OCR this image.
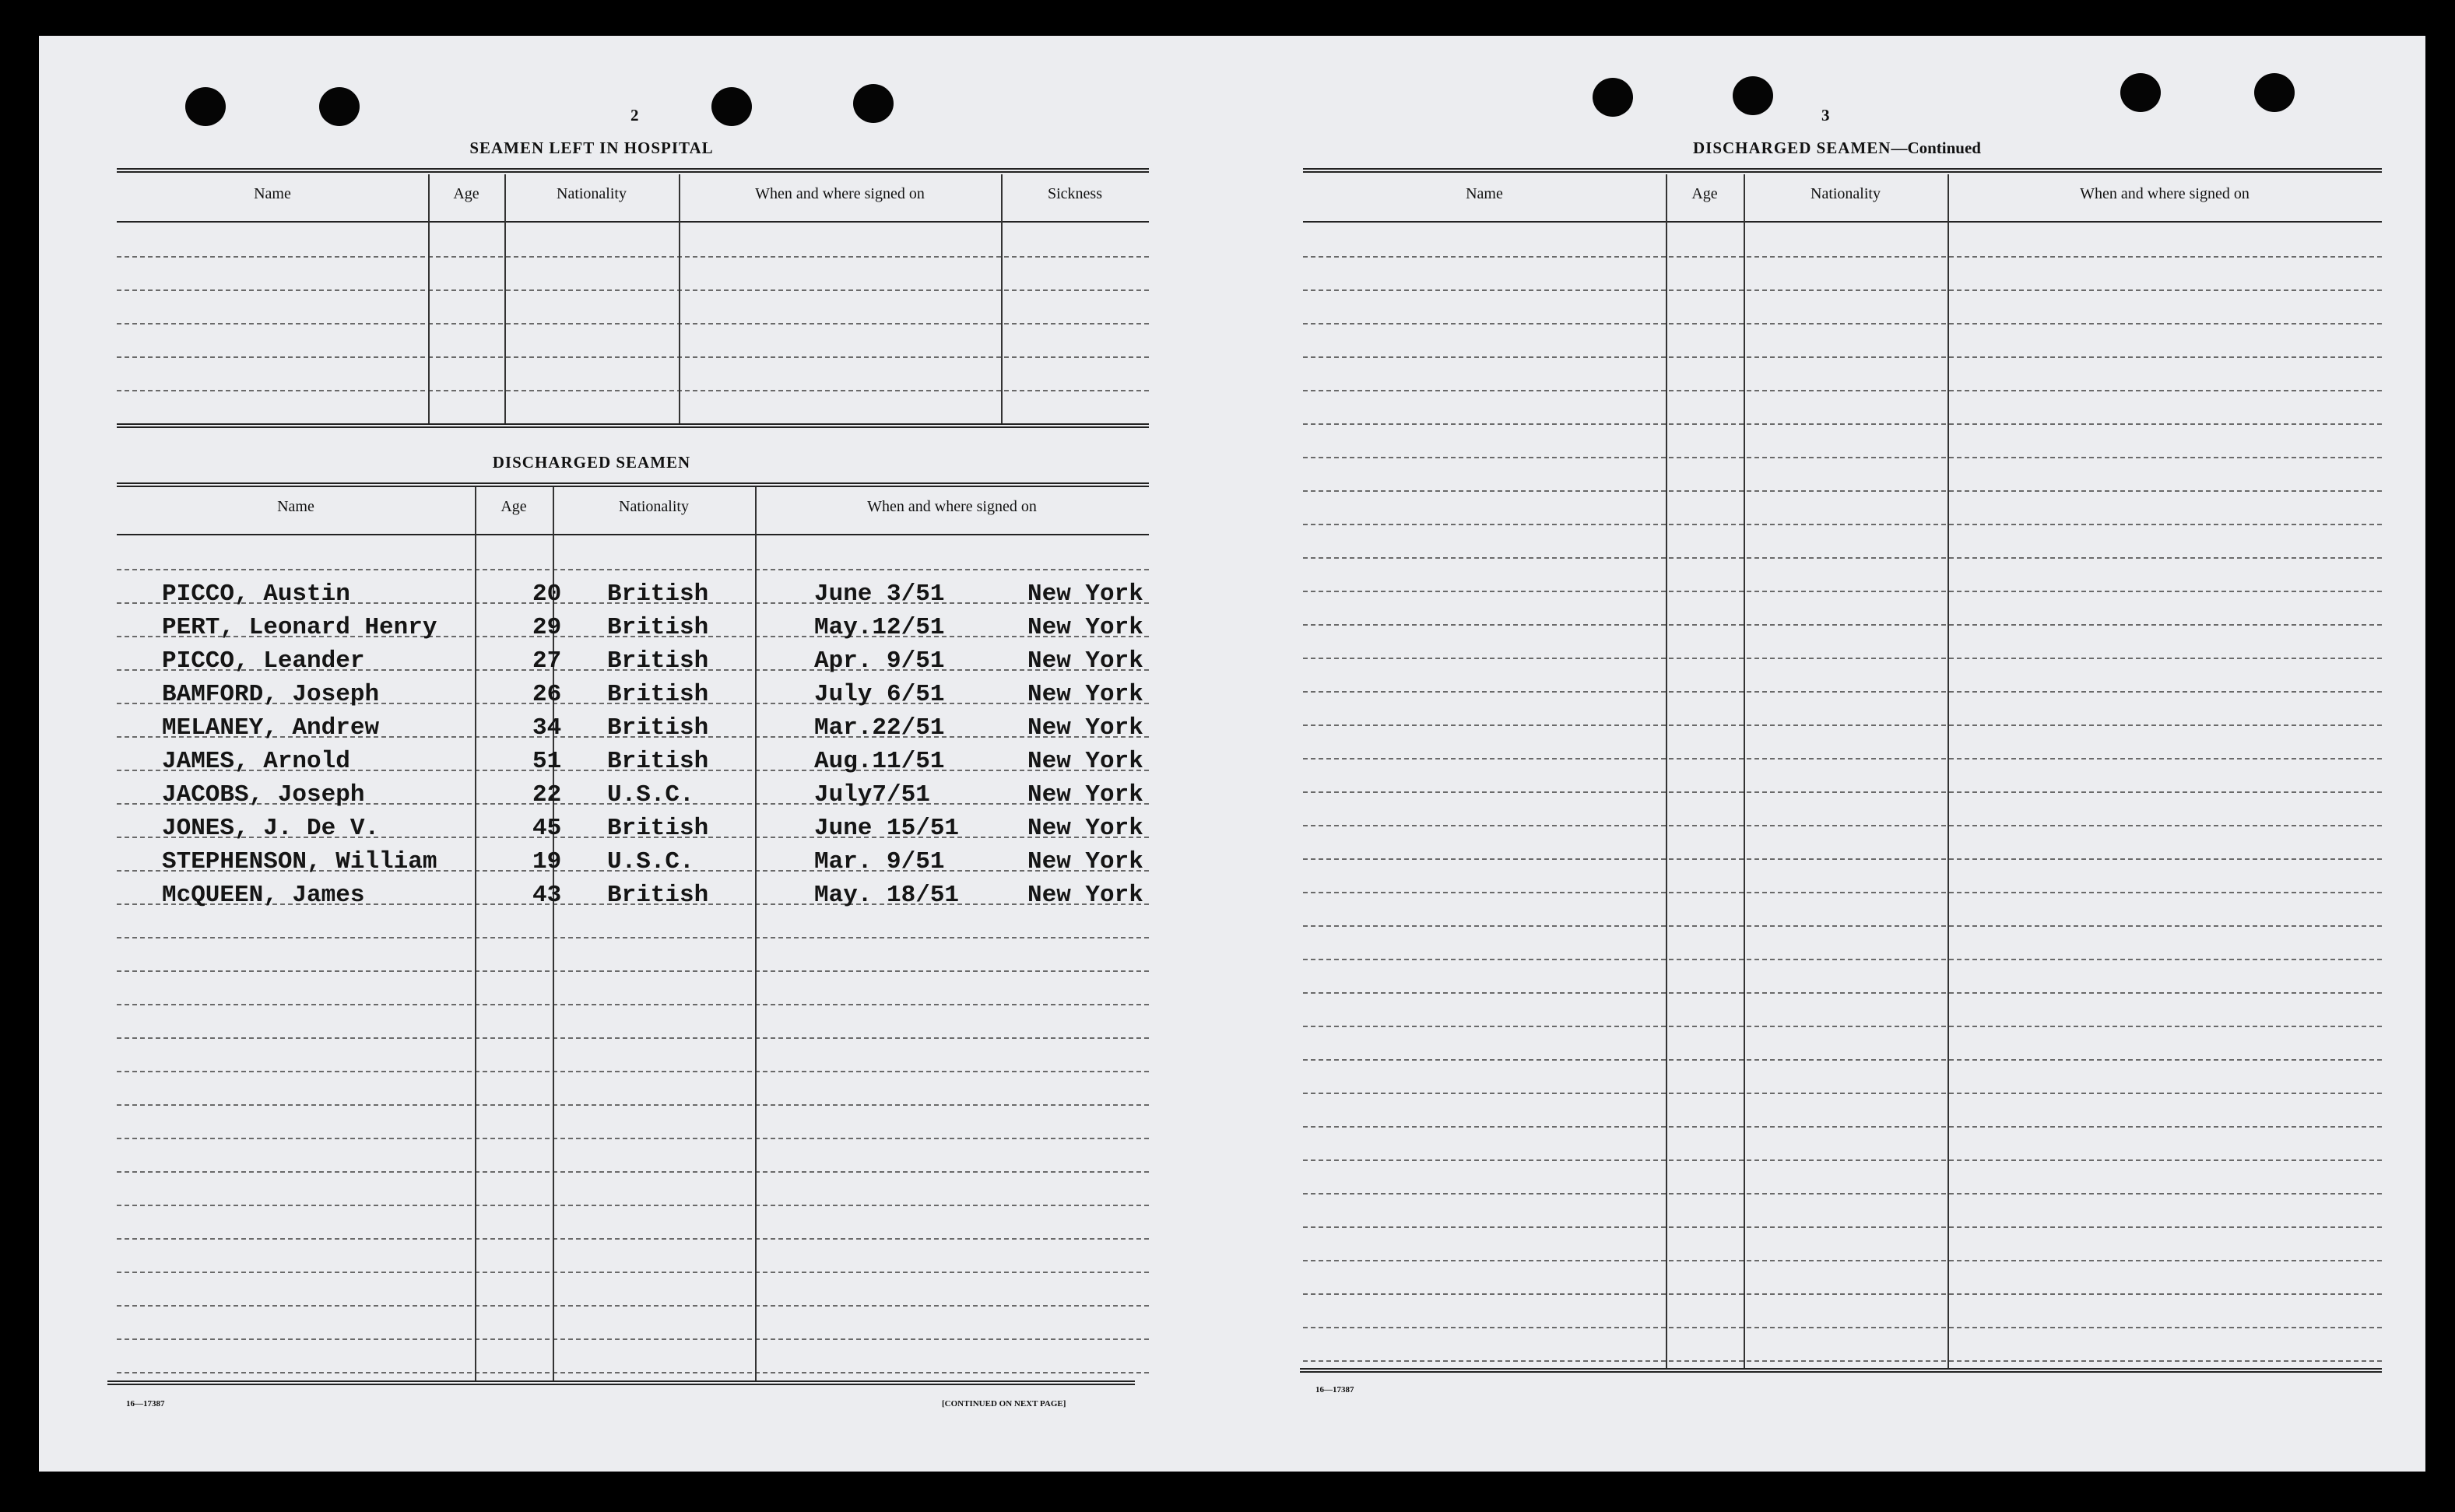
2
SEAMEN LEFT IN HOSPITAL
Name	Age	Nationality	When and where signed on	Sickness
DISCHARGED SEAMEN
Name	Age	Nationality	When and where signed on
PICCO, Austin	20 British	June 3/51	New York
PERT, Leonard Henry	29 British	May.12/51	New York
PICCO, Leander	27 British	Apr. 9/51	New York
BAMFORD, Joseph	26 British	July 6/51	New York
MELANEY, Andrew	34 British	Mar.22/51	New York
JAMES, Arnold	51 British	Aug.11/51	New York
JACOBS, Joseph	22 U.S.C.	July7/51	New York
JONES, J. De V.	45 British	June 15/51	New York
STEPHENSON, William	19 U.S.C.	Mar. 9/51	New York
McQUEEN, James	43 British	May. 18/51	New York
16—17387	[CONTINUED ON NEXT PAGE]
3
DISCHARGED SEAMEN—Continued
Name	Age	Nationality	When and where signed on
16—17387
